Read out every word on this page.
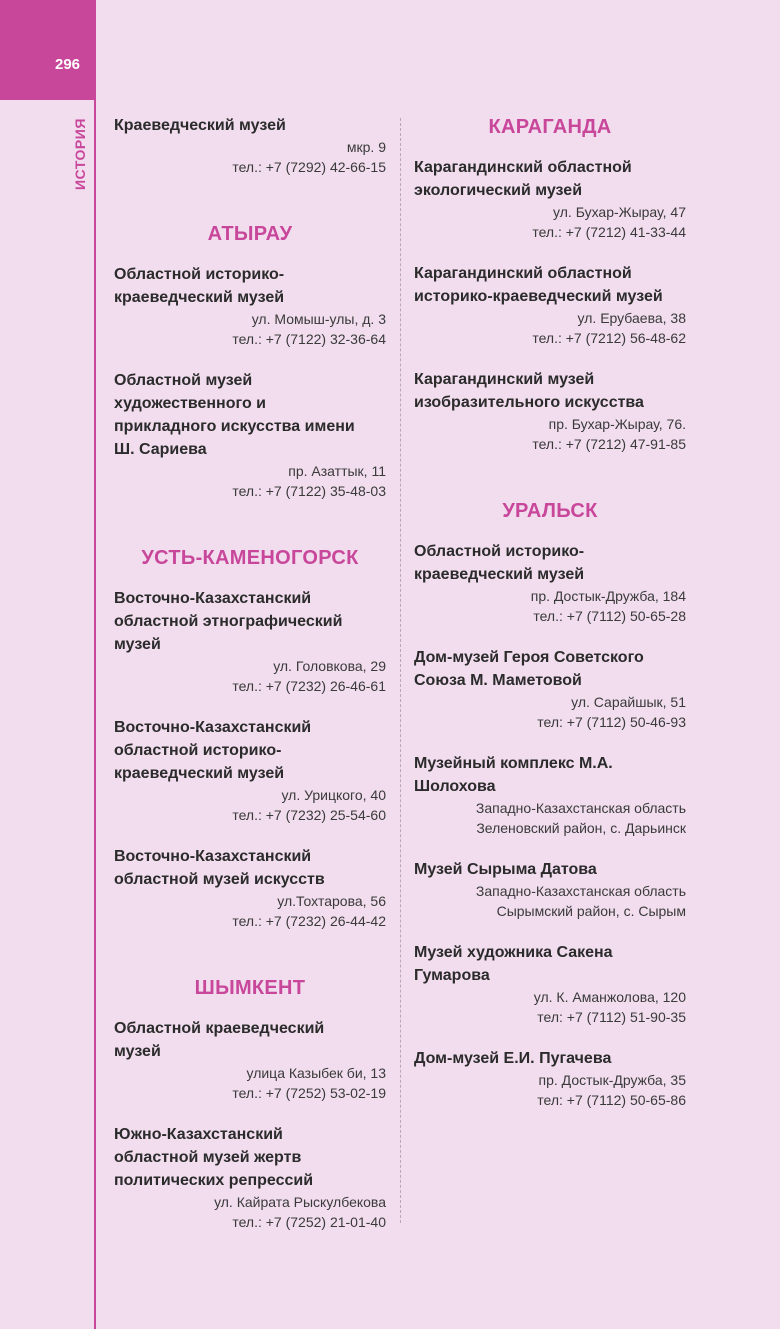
296
ИСТОРИЯ Краеведческий музей
мкр. 9
тел.: +7 (7292) 42-66-15
АТЫРАУ
Областной историко-
краеведческий музей
ул. Момыш-улы, д. 3
тел.: +7 (7122) 32-36-64
Областной музей
художественного и
прикладного искусства имени
Ш. Сариева
пр. Азаттык, 11
тел.: +7 (7122) 35-48-03
УСТЬ-КАМЕНОГОРСК
Восточно-Казахстанский
областной этнографический
музей
ул. Головкова, 29
тел.: +7 (7232) 26-46-61
Восточно-Казахстанский
областной историко-
краеведческий музей
ул. Урицкого, 40
тел.: +7 (7232) 25-54-60
Восточно-Казахстанский
областной музей искусств
ул.Тохтарова, 56
тел.: +7 (7232) 26-44-42
ШЫМКЕНТ
Областной краеведческий
музей
улица Казыбек би, 13
тел.: +7 (7252) 53-02-19
Южно-Казахстанский
областной музей жертв
политических репрессий
ул. Кайрата Рыскулбекова
тел.: +7 (7252) 21-01-40
КАРАГАНДА
Карагандинский областной
экологический музей
ул. Бухар-Жырау, 47
тел.: +7 (7212) 41-33-44
Карагандинский областной
историко-краеведческий музей
ул. Ерубаева, 38
тел.: +7 (7212) 56-48-62
Карагандинский музей
изобразительного искусства
пр. Бухар-Жырау, 76.
тел.: +7 (7212) 47-91-85
УРАЛЬСК
Областной историко-
краеведческий музей
пр. Достык-Дружба, 184
тел.: +7 (7112) 50-65-28
Дом-музей Героя Советского
Союза М. Маметовой
ул. Сарайшык, 51
тел: +7 (7112) 50-46-93
Музейный комплекс М.А.
Шолохова
Западно-Казахстанская область
Зеленовский район, с. Дарьинск
Музей Сырыма Датова
Западно-Казахстанская область
Сырымский район, с. Сырым
Музей художника Сакена
Гумарова
ул. К. Аманжолова, 120
тел: +7 (7112) 51-90-35
Дом-музей Е.И. Пугачева
пр. Достык-Дружба, 35
тел: +7 (7112) 50-65-86
